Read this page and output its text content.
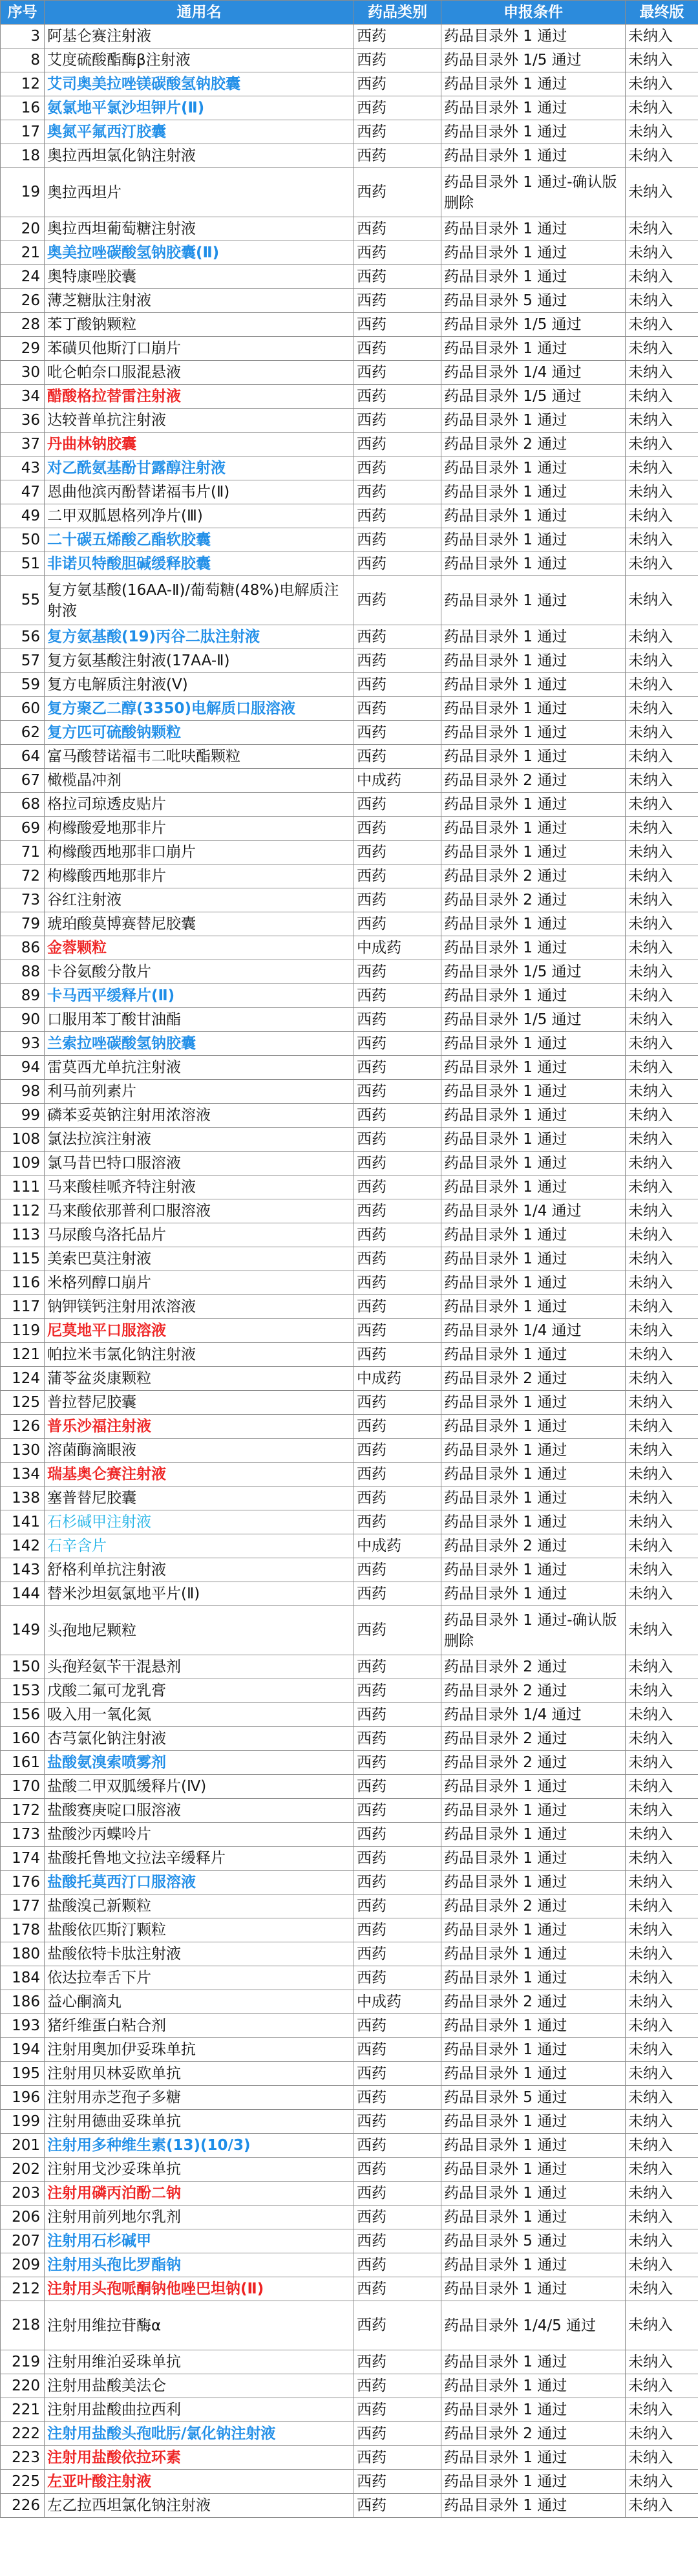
序号	通用名	药品类别	申报条件	最终版
3	阿基仑赛注射液	西药	药品目录外 1 通过	未纳入
8	艾度硫酸酯酶β注射液	西药	药品目录外 1/5 通过	未纳入
12	艾司奥美拉唑镁碳酸氢钠胶囊	西药	药品目录外 1 通过	未纳入
16	氨氯地平氯沙坦钾片(Ⅱ)	西药	药品目录外 1 通过	未纳入
17	奥氮平氟西汀胶囊	西药	药品目录外 1 通过	未纳入
18	奥拉西坦氯化钠注射液	西药	药品目录外 1 通过	未纳入
19	奥拉西坦片	西药	药品目录外 1 通过-确认版删除	未纳入
20	奥拉西坦葡萄糖注射液	西药	药品目录外 1 通过	未纳入
21	奥美拉唑碳酸氢钠胶囊(Ⅱ)	西药	药品目录外 1 通过	未纳入
24	奥特康唑胶囊	西药	药品目录外 1 通过	未纳入
26	薄芝糖肽注射液	西药	药品目录外 5 通过	未纳入
28	苯丁酸钠颗粒	西药	药品目录外 1/5 通过	未纳入
29	苯磺贝他斯汀口崩片	西药	药品目录外 1 通过	未纳入
30	吡仑帕奈口服混悬液	西药	药品目录外 1/4 通过	未纳入
34	醋酸格拉替雷注射液	西药	药品目录外 1/5 通过	未纳入
36	达较普单抗注射液	西药	药品目录外 1 通过	未纳入
37	丹曲林钠胶囊	西药	药品目录外 2 通过	未纳入
43	对乙酰氨基酚甘露醇注射液	西药	药品目录外 1 通过	未纳入
47	恩曲他滨丙酚替诺福韦片(Ⅱ)	西药	药品目录外 1 通过	未纳入
49	二甲双胍恩格列净片(Ⅲ)	西药	药品目录外 1 通过	未纳入
50	二十碳五烯酸乙酯软胶囊	西药	药品目录外 1 通过	未纳入
51	非诺贝特酸胆碱缓释胶囊	西药	药品目录外 1 通过	未纳入
55	复方氨基酸(16AA-Ⅱ)/葡萄糖(48%)电解质注射液	西药	药品目录外 1 通过	未纳入
56	复方氨基酸(19)丙谷二肽注射液	西药	药品目录外 1 通过	未纳入
57	复方氨基酸注射液(17AA-Ⅱ)	西药	药品目录外 1 通过	未纳入
59	复方电解质注射液(V)	西药	药品目录外 1 通过	未纳入
60	复方聚乙二醇(3350)电解质口服溶液	西药	药品目录外 1 通过	未纳入
62	复方匹可硫酸钠颗粒	西药	药品目录外 1 通过	未纳入
64	富马酸替诺福韦二吡呋酯颗粒	西药	药品目录外 1 通过	未纳入
67	橄榄晶冲剂	中成药	药品目录外 2 通过	未纳入
68	格拉司琼透皮贴片	西药	药品目录外 1 通过	未纳入
69	枸橼酸爱地那非片	西药	药品目录外 1 通过	未纳入
71	枸橼酸西地那非口崩片	西药	药品目录外 1 通过	未纳入
72	枸橼酸西地那非片	西药	药品目录外 2 通过	未纳入
73	谷红注射液	西药	药品目录外 2 通过	未纳入
79	琥珀酸莫博赛替尼胶囊	西药	药品目录外 1 通过	未纳入
86	金蓉颗粒	中成药	药品目录外 1 通过	未纳入
88	卡谷氨酸分散片	西药	药品目录外 1/5 通过	未纳入
89	卡马西平缓释片(Ⅱ)	西药	药品目录外 1 通过	未纳入
90	口服用苯丁酸甘油酯	西药	药品目录外 1/5 通过	未纳入
93	兰索拉唑碳酸氢钠胶囊	西药	药品目录外 1 通过	未纳入
94	雷莫西尤单抗注射液	西药	药品目录外 1 通过	未纳入
98	利马前列素片	西药	药品目录外 1 通过	未纳入
99	磷苯妥英钠注射用浓溶液	西药	药品目录外 1 通过	未纳入
108	氯法拉滨注射液	西药	药品目录外 1 通过	未纳入
109	氯马昔巴特口服溶液	西药	药品目录外 1 通过	未纳入
111	马来酸桂哌齐特注射液	西药	药品目录外 1 通过	未纳入
112	马来酸依那普利口服溶液	西药	药品目录外 1/4 通过	未纳入
113	马尿酸乌洛托品片	西药	药品目录外 1 通过	未纳入
115	美索巴莫注射液	西药	药品目录外 1 通过	未纳入
116	米格列醇口崩片	西药	药品目录外 1 通过	未纳入
117	钠钾镁钙注射用浓溶液	西药	药品目录外 1 通过	未纳入
119	尼莫地平口服溶液	西药	药品目录外 1/4 通过	未纳入
121	帕拉米韦氯化钠注射液	西药	药品目录外 1 通过	未纳入
124	蒲苓盆炎康颗粒	中成药	药品目录外 2 通过	未纳入
125	普拉替尼胶囊	西药	药品目录外 1 通过	未纳入
126	普乐沙福注射液	西药	药品目录外 1 通过	未纳入
130	溶菌酶滴眼液	西药	药品目录外 1 通过	未纳入
134	瑞基奥仑赛注射液	西药	药品目录外 1 通过	未纳入
138	塞普替尼胶囊	西药	药品目录外 1 通过	未纳入
141	石杉碱甲注射液	西药	药品目录外 1 通过	未纳入
142	石辛含片	中成药	药品目录外 2 通过	未纳入
143	舒格利单抗注射液	西药	药品目录外 1 通过	未纳入
144	替米沙坦氨氯地平片(Ⅱ)	西药	药品目录外 1 通过	未纳入
149	头孢地尼颗粒	西药	药品目录外 1 通过-确认版删除	未纳入
150	头孢羟氨苄干混悬剂	西药	药品目录外 2 通过	未纳入
153	戊酸二氟可龙乳膏	西药	药品目录外 2 通过	未纳入
156	吸入用一氧化氮	西药	药品目录外 1/4 通过	未纳入
160	杏芎氯化钠注射液	西药	药品目录外 2 通过	未纳入
161	盐酸氨溴索喷雾剂	西药	药品目录外 2 通过	未纳入
170	盐酸二甲双胍缓释片(Ⅳ)	西药	药品目录外 1 通过	未纳入
172	盐酸赛庚啶口服溶液	西药	药品目录外 1 通过	未纳入
173	盐酸沙丙蝶呤片	西药	药品目录外 1 通过	未纳入
174	盐酸托鲁地文拉法辛缓释片	西药	药品目录外 1 通过	未纳入
176	盐酸托莫西汀口服溶液	西药	药品目录外 1 通过	未纳入
177	盐酸溴己新颗粒	西药	药品目录外 2 通过	未纳入
178	盐酸依匹斯汀颗粒	西药	药品目录外 1 通过	未纳入
180	盐酸依特卡肽注射液	西药	药品目录外 1 通过	未纳入
184	依达拉奉舌下片	西药	药品目录外 1 通过	未纳入
186	益心酮滴丸	中成药	药品目录外 2 通过	未纳入
193	猪纤维蛋白粘合剂	西药	药品目录外 1 通过	未纳入
194	注射用奥加伊妥珠单抗	西药	药品目录外 1 通过	未纳入
195	注射用贝林妥欧单抗	西药	药品目录外 1 通过	未纳入
196	注射用赤芝孢子多糖	西药	药品目录外 5 通过	未纳入
199	注射用德曲妥珠单抗	西药	药品目录外 1 通过	未纳入
201	注射用多种维生素(13)(10/3)	西药	药品目录外 1 通过	未纳入
202	注射用戈沙妥珠单抗	西药	药品目录外 1 通过	未纳入
203	注射用磷丙泊酚二钠	西药	药品目录外 1 通过	未纳入
206	注射用前列地尔乳剂	西药	药品目录外 1 通过	未纳入
207	注射用石杉碱甲	西药	药品目录外 5 通过	未纳入
209	注射用头孢比罗酯钠	西药	药品目录外 1 通过	未纳入
212	注射用头孢哌酮钠他唑巴坦钠(Ⅱ)	西药	药品目录外 1 通过	未纳入
218	注射用维拉苷酶α	西药	药品目录外 1/4/5 通过	未纳入
219	注射用维泊妥珠单抗	西药	药品目录外 1 通过	未纳入
220	注射用盐酸美法仑	西药	药品目录外 1 通过	未纳入
221	注射用盐酸曲拉西利	西药	药品目录外 1 通过	未纳入
222	注射用盐酸头孢吡肟/氯化钠注射液	西药	药品目录外 2 通过	未纳入
223	注射用盐酸依拉环素	西药	药品目录外 1 通过	未纳入
225	左亚叶酸注射液	西药	药品目录外 1 通过	未纳入
226	左乙拉西坦氯化钠注射液	西药	药品目录外 1 通过	未纳入
